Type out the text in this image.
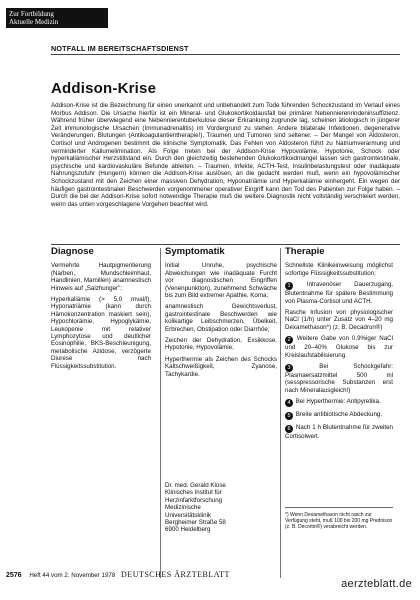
Zur Fortbildung
Aktuelle Medizin
NOTFALL IM BEREITSCHAFTSDIENST
Addison-Krise

Addison-Krise ist die Bezeichnung für einen unerkannt und unbehandelt zum Tode führenden Schockzustand im Verlauf eines Morbus Addison. Die Ursache hierfür ist ein Mineral- und Glukokortikoidausfall bei primärer Nebennierenrindeninsuffizienz. Während früher überwiegend eine Nebennierentuberkulose dieser Erkrankung zugrunde lag, scheinen ätiologisch in jüngerer Zeit immunologische Ursachen (Immunadrenalitis) im Vordergrund zu stehen. Andere bilaterale Infektionen, degenerative Veränderungen, Blutungen (Antikoagulantientherapie!), Traumen und Tumoren sind seltener. – Der Mangel von Aldosteron, Cortisol und Androgenen bestimmt die klinische Symptomatik. Das Fehlen von Aldosteron führt zu Natriumverarmung und verminderter Kaliumelimination. Als Folge treten bei der Addison-Krise Hypovolämie, Hypotonie, Schock oder hyperkaliämischer Herzstillstand ein. Durch den gleichzeitig bestehenden Glukokortikoidmangel lassen sich gastrointestinale, psychische und kardiovaskuläre Befunde ableiten. – Traumen, Infekte, ACTH-Test, Insulinbelastungstest oder inadäquate Nahrungszufuhr (Hungern) können die Addison-Krise auslösen, an die gedacht werden muß, wenn ein hypovolämischer Schockzustand mit den Zeichen einer massiven Dehydration, Hyponatriämie und Hyperkaliämie einhergeht. Ein wegen der häufigen gastrointestinalen Beschwerden vorgenommener operativer Eingriff kann den Tod des Patienten zur Folge haben. – Durch die bei der Addison-Krise sofort notwendige Therapie muß die weitere Diagnostik nicht vollständig verschleiert werden, wenn das unten vorgeschlagene Vorgehen beachtet wird.

Diagnose

Vermehrte Hautpigmentierung (Narben, Mundschleimhaut, Handlinien, Mamillen) anamnestisch Hinweis auf „Salzhunger";

Hyperkaliämie (> 5,0 mval/l), Hyponatriämie (kann durch Hämokonzentration maskiert sein), Hypochlorämie, Hypoglykämie, Leukopenie mit relativer Lymphozytose und deutlicher Eosinophilie, BKS-Beschleunigung, metabolische Azidose, verzögerte Diurese nach Flüssigkeitssubstitution.

Symptomatik

Initial Unruhe, psychische Abweichungen wie inadäquate Furcht vor diagnostischen Eingriffen (Venenpunktion), zunehmend Schwäche bis zum Bild extremer Apathie, Koma;

anamnestisch Gewichtsverlust, gastrointestinale Beschwerden wie kolikartige Leibschmerzen, Übelkeit, Erbrechen, Obstipation oder Diarrhöe;

Zeichen der Dehydration, Exsikkose, Hypotonie, Hypovolämie;

Hyperthermie als Zeichen des Schocks Kaltschweißigkeit, Zyanose, Tachykardie.

Dr. med. Gerald Klose
Klinisches Institut für
Herzinfarktforschung
Medizinische
Universitätsklinik
Bergheimer Straße 58
6900 Heidelberg
Therapie

Schnellste Klinikeinweisung möglichst sofortige Flüssigkeitssubstitution;

1	Intravenöser Dauerzugang, Blutentnahme für spätere Bestimmung von Plasma-Cortisol und ACTH.

Rasche Infusion von physiologischer NaCl (1/h) unter Zusatz von 4–20 mg Dexamethason*) (z. B. Decadron®)

2 Weitere Gabe von 0,9%iger NaCl und 20–40% Glukose bis zur Kreislaufstabilisierung.

3	Bei Schockgefahr: Plasmaersatzmittel 500 ml (sesspressorische Substanzen erst nach Mineralausgleich!)

4 Bei Hyperthermie: Antipyretika.

5 Breite antibiotische Abdeckung.

6 Nach 1 h Blutentnahme für zweiten Cortisolwert.

*) Wenn Dexamethason nicht rasch zur Verfügung steht, muß 100 bis 200 mg Prednison (z. B. Decortin®) verabreicht werden.
2576 Heft 44 vom 2. November 1978 DEUTSCHES ÄRZTEBLATT
aerzteblatt.de
